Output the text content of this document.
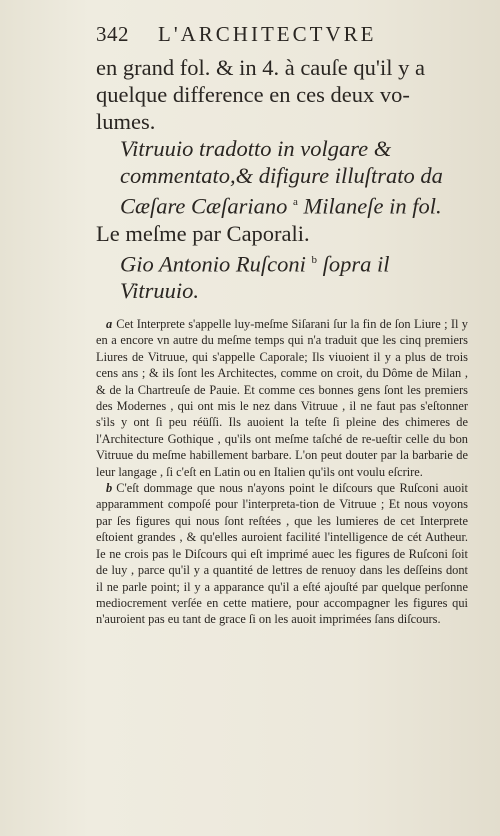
342	L'ARCHITECTVRE

en grand fol. & in 4. à cauſe qu'il y a quelque difference en ces deux vo-lumes.

Vitruuio tradotto in volgare & commentato,& difigure illuſtrato da Cæſare Cæſariano $^a$ Milaneſe in fol.

Le meſme par Caporali.

Gio Antonio Ruſconi $^b$ ſopra il Vitruuio.

a Cet Interprete s'appelle luy-meſme Siſarani ſur la fin de ſon Liure ; Il y en a encore vn autre du meſme temps qui n'a traduit que les cinq premiers Liures de Vitruue, qui s'appelle Caporale; Ils viuoient il y a plus de trois cens ans ; & ils ſont les Architectes, comme on croit, du Dôme de Milan , & de la Chartreuſe de Pauie. Et comme ces bonnes gens ſont les premiers des Modernes , qui ont mis le nez dans Vitruue , il ne faut pas s'eſtonner s'ils y ont ſi peu réüſſi. Ils auoient la teſte ſi pleine des chimeres de l'Architecture Gothique , qu'ils ont meſme taſché de re-ueſtir celle du bon Vitruue du meſme habillement barbare. L'on peut douter par la barbarie de leur langage , ſi c'eſt en Latin ou en Italien qu'ils ont voulu eſcrire.

b C'eſt dommage que nous n'ayons point le diſcours que Ruſconi auoit apparamment compoſé pour l'interpreta-tion de Vitruue ; Et nous voyons par ſes figures qui nous ſont reſtées , que les lumieres de cet Interprete eſtoient grandes , & qu'elles auroient facilité l'intelligence de cét Autheur. Ie ne crois pas le Diſcours qui eſt imprimé auec les figures de Ruſconi ſoit de luy , parce qu'il y a quantité de lettres de renuoy dans les deſſeins dont il ne parle point; il y a apparance qu'il a eſté ajouſté par quelque perſonne mediocrement verſée en cette matiere, pour accompagner les figures qui n'auroient pas eu tant de grace ſi on les auoit imprimées ſans diſcours.
